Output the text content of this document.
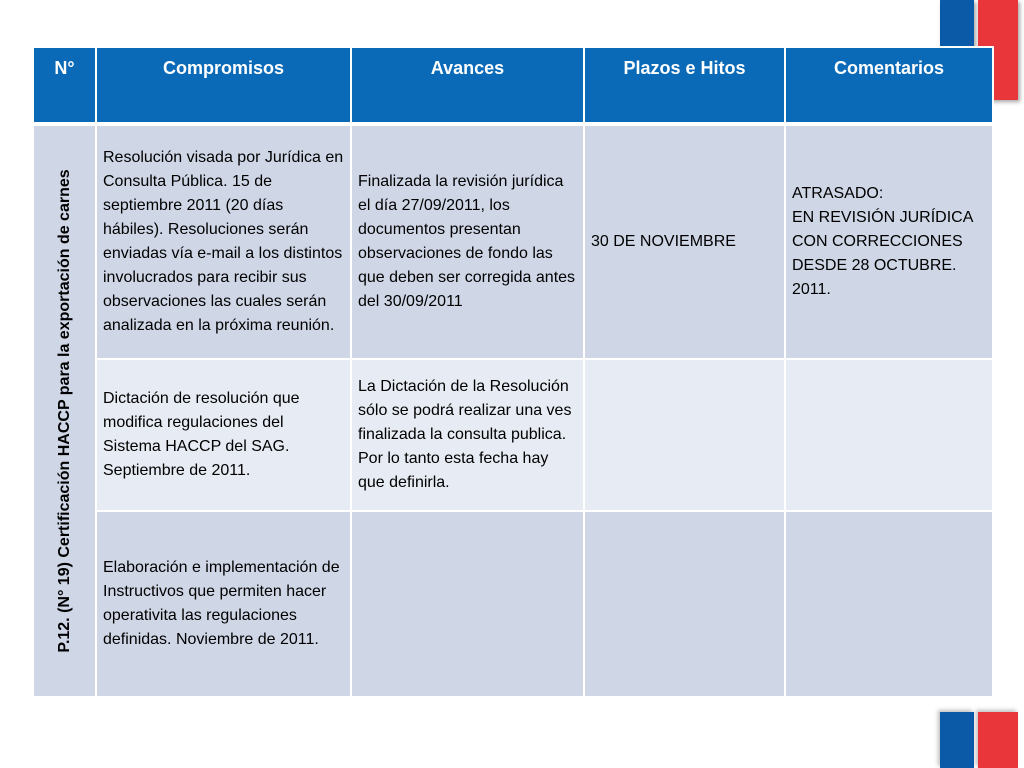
N°	Compromisos	Avances	Plazos e Hitos	Comentarios

P.12. (N° 19) Certificación HACCP para la exportación de carnes	Resolución visada por Jurídica en Consulta Pública. 15 de septiembre 2011 (20 días hábiles). Resoluciones serán enviadas vía e-mail a los distintos involucrados para recibir sus observaciones las cuales serán analizada en la próxima reunión.	Finalizada la revisión jurídica el día 27/09/2011, los documentos presentan observaciones de fondo las que deben ser corregida antes del 30/09/2011	30 DE NOVIEMBRE	ATRASADO:
EN REVISIÓN JURÍDICA CON CORRECCIONES DESDE 28 OCTUBRE. 2011.
	Dictación de resolución que modifica regulaciones del Sistema HACCP del SAG. Septiembre de 2011.	La Dictación de la Resolución sólo se podrá realizar una ves finalizada la consulta publica. Por lo tanto esta fecha hay que definirla.		
	Elaboración e implementación de Instructivos que permiten hacer operativita las regulaciones definidas. Noviembre de 2011.			
